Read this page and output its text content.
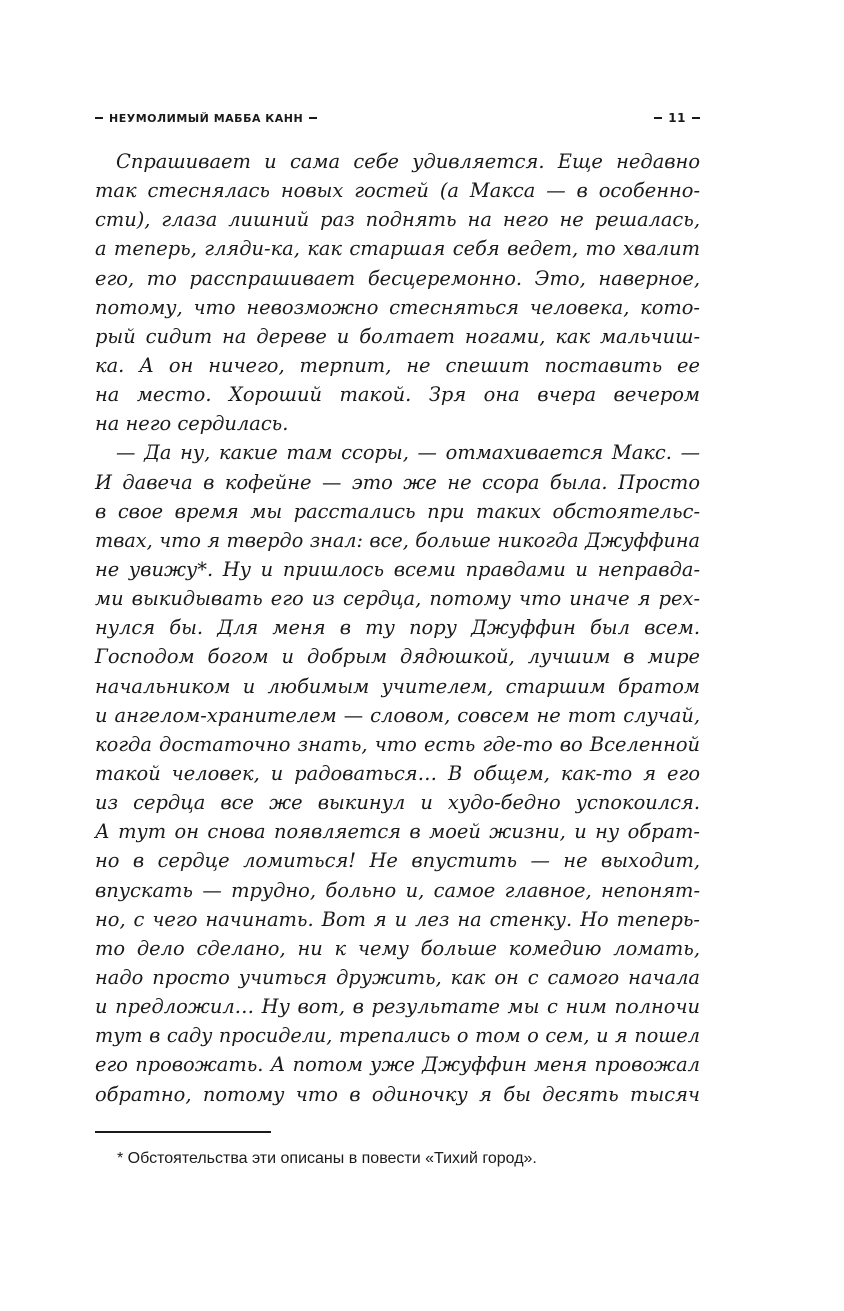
НЕУМОЛИМЫЙ МАББА КАНН	11
Спрашивает и сама себе удивляется. Еще недавно
так стеснялась новых гостей (а Макса — в особенно-
сти), глаза лишний раз поднять на него не решалась,
а теперь, гляди-ка, как старшая себя ведет, то хвалит
его, то расспрашивает бесцеремонно. Это, наверное,
потому, что невозможно стесняться человека, кото-
рый сидит на дереве и болтает ногами, как мальчиш-
ка. А он ничего, терпит, не спешит поставить ее
на место. Хороший такой. Зря она вчера вечером
на него сердилась.
— Да ну, какие там ссоры, — отмахивается Макс. —
И давеча в кофейне — это же не ссора была. Просто
в свое время мы расстались при таких обстоятельс-
твах, что я твердо знал: все, больше никогда Джуффина
не увижу*. Ну и пришлось всеми правдами и неправда-
ми выкидывать его из сердца, потому что иначе я рех-
нулся бы. Для меня в ту пору Джуффин был всем.
Господом богом и добрым дядюшкой, лучшим в мире
начальником и любимым учителем, старшим братом
и ангелом-хранителем — словом, совсем не тот случай,
когда достаточно знать, что есть где-то во Вселенной
такой человек, и радоваться… В общем, как-то я его
из сердца все же выкинул и худо-бедно успокоился.
А тут он снова появляется в моей жизни, и ну обрат-
но в сердце ломиться! Не впустить — не выходит,
впускать — трудно, больно и, самое главное, непонят-
но, с чего начинать. Вот я и лез на стенку. Но теперь-
то дело сделано, ни к чему больше комедию ломать,
надо просто учиться дружить, как он с самого начала
и предложил… Ну вот, в результате мы с ним полночи
тут в саду просидели, трепались о том о сем, и я пошел
его провожать. А потом уже Джуффин меня провожал
обратно, потому что в одиночку я бы десять тысяч
* Обстоятельства эти описаны в повести «Тихий город».
